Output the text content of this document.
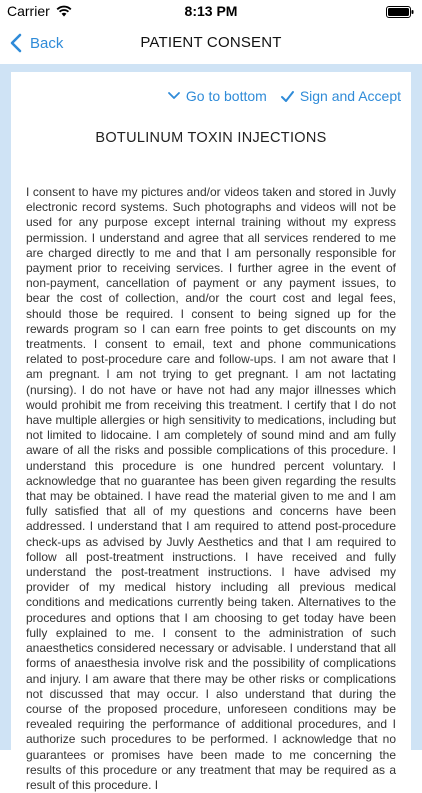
Carrier	8:13 PM
Back	PATIENT CONSENT
Go to bottom Sign and Accept
BOTULINUM TOXIN INJECTIONS
I consent to have my pictures and/or videos taken and stored in Juvly electronic record systems. Such photographs and videos will not be used for any purpose except internal training without my express permission. I understand and agree that all services rendered to me are charged directly to me and that I am personally responsible for payment prior to receiving services. I further agree in the event of non-payment, cancellation of payment or any payment issues, to bear the cost of collection, and/or the court cost and legal fees, should those be required. I consent to being signed up for the rewards program so I can earn free points to get discounts on my treatments. I consent to email, text and phone communications related to post-procedure care and follow-ups. I am not aware that I am pregnant. I am not trying to get pregnant. I am not lactating (nursing). I do not have or have not had any major illnesses which would prohibit me from receiving this treatment. I certify that I do not have multiple allergies or high sensitivity to medications, including but not limited to lidocaine. I am completely of sound mind and am fully aware of all the risks and possible complications of this procedure. I understand this procedure is one hundred percent voluntary. I acknowledge that no guarantee has been given regarding the results that may be obtained. I have read the material given to me and I am fully satisfied that all of my questions and concerns have been addressed. I understand that I am required to attend post-procedure check-ups as advised by Juvly Aesthetics and that I am required to follow all post-treatment instructions. I have received and fully understand the post-treatment instructions. I have advised my provider of my medical history including all previous medical conditions and medications currently being taken. Alternatives to the procedures and options that I am choosing to get today have been fully explained to me. I consent to the administration of such anaesthetics considered necessary or advisable. I understand that all forms of anaesthesia involve risk and the possibility of complications and injury. I am aware that there may be other risks or complications not discussed that may occur. I also understand that during the course of the proposed procedure, unforeseen conditions may be revealed requiring the performance of additional procedures, and I authorize such procedures to be performed. I acknowledge that no guarantees or promises have been made to me concerning the results of this procedure or any treatment that may be required as a result of this procedure. I
